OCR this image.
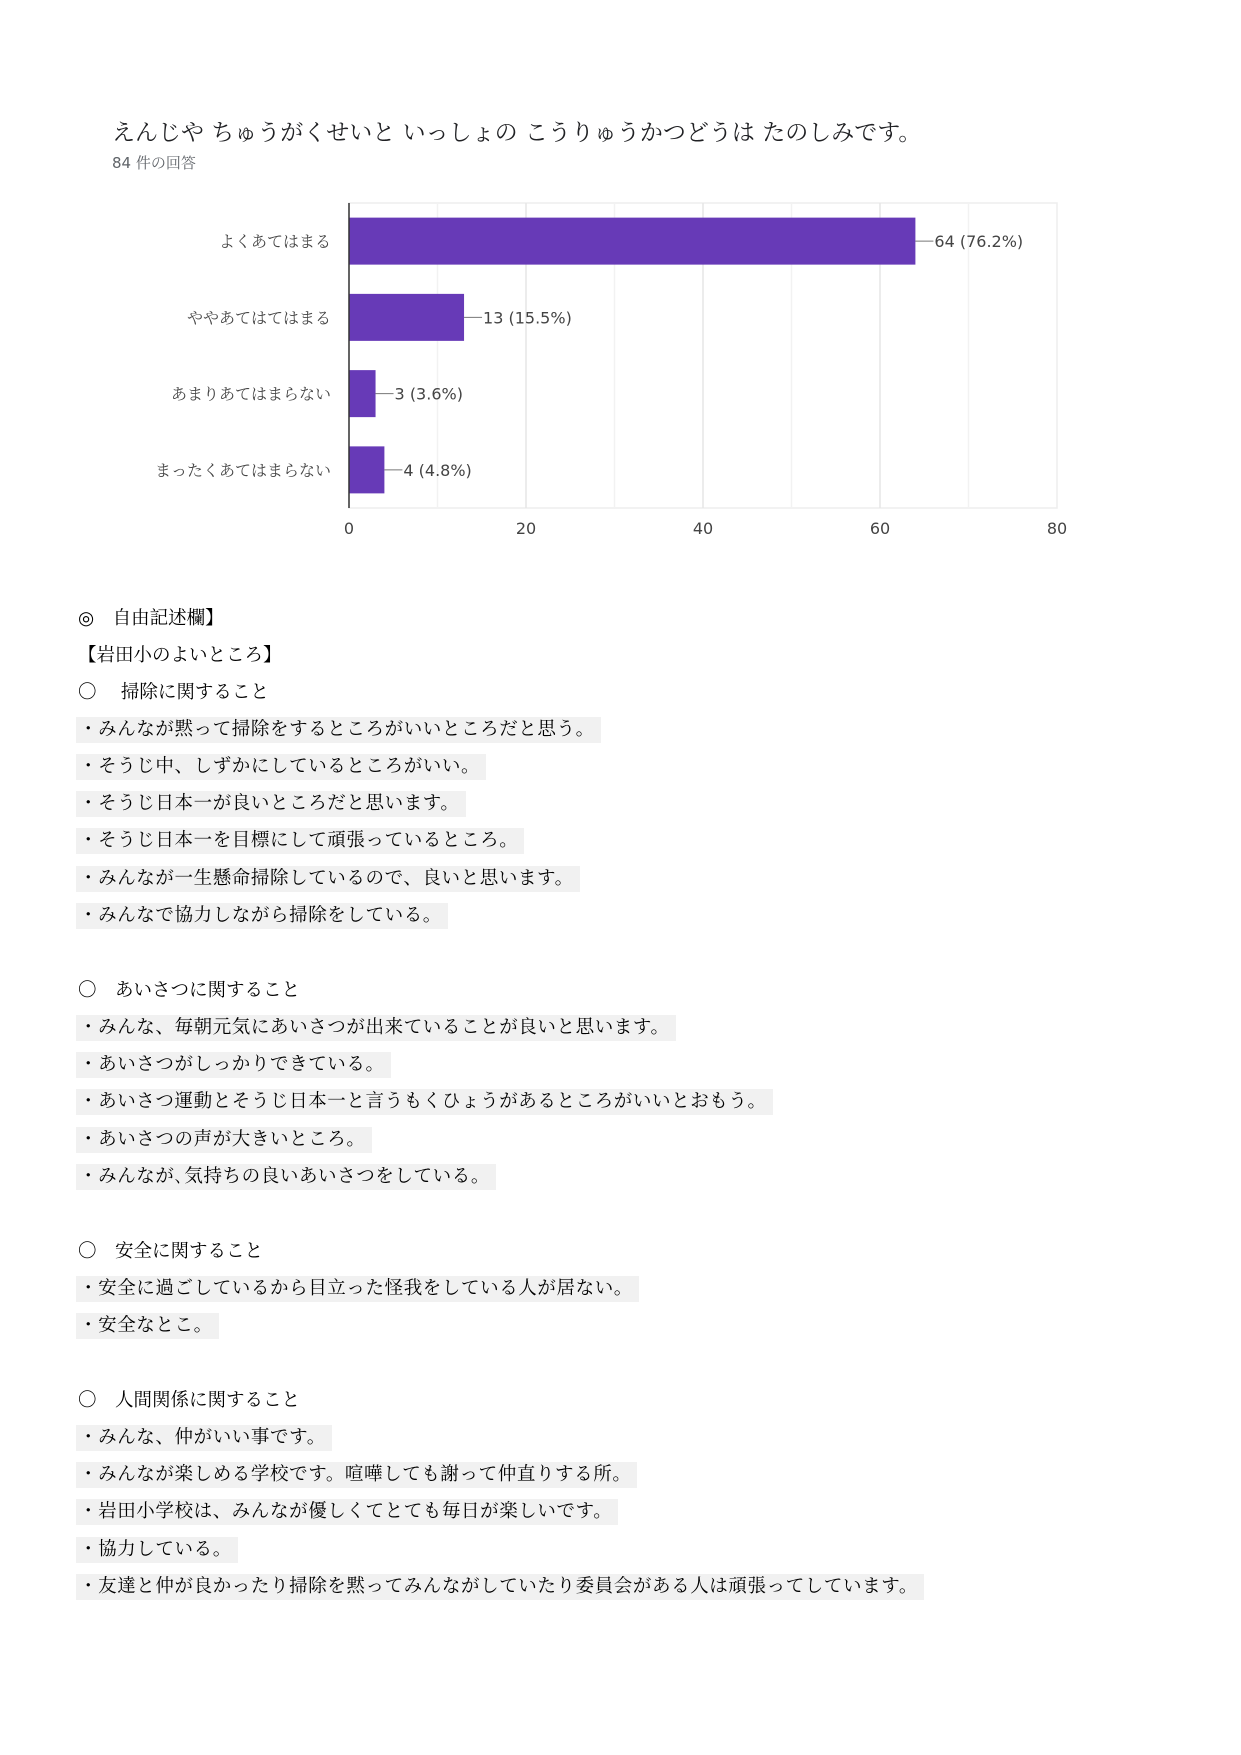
えんじや ちゅうがくせいと いっしょの こうりゅうかつどうは たのしみです。
84 件の回答
0	20	40	60	80
よくあてはまる	64 (76.2%)
ややあてはてはまる	13 (15.5%)
あまりあてはまらない	3 (3.6%)
まったくあてはまらない	4 (4.8%)
◎　自由記述欄】
【岩田小のよいところ】
〇　 掃除に関すること
・みんなが黙って掃除をするところがいいところだと思う。
・そうじ中、しずかにしているところがいい。
・そうじ日本一が良いところだと思います。
・そうじ日本一を目標にして頑張っているところ。
・みんなが一生懸命掃除しているので、良いと思います。
・みんなで協力しながら掃除をしている。
〇　あいさつに関すること
・みんな、毎朝元気にあいさつが出来ていることが良いと思います。
・あいさつがしっかりできている。
・あいさつ運動とそうじ日本一と言うもくひょうがあるところがいいとおもう。
・あいさつの声が大きいところ。
・みんなが､気持ちの良いあいさつをしている。
〇　安全に関すること
・安全に過ごしているから目立った怪我をしている人が居ない。
・安全なとこ。
〇　人間関係に関すること
・みんな、仲がいい事です。
・みんなが楽しめる学校です。喧嘩しても謝って仲直りする所。
・岩田小学校は、みんなが優しくてとても毎日が楽しいです。
・協力している。
・友達と仲が良かったり掃除を黙ってみんながしていたり委員会がある人は頑張ってしています。
